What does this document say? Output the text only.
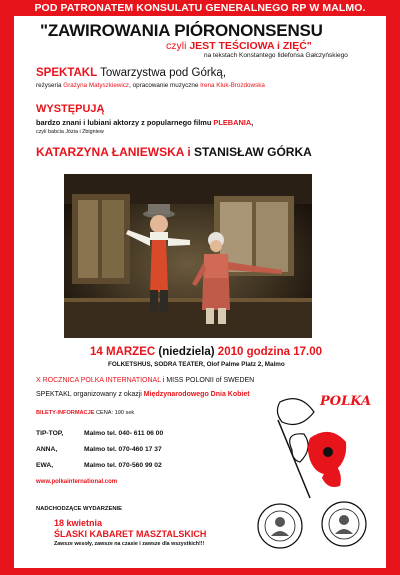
POD PATRONATEM KONSULATU GENERALNEGO RP W MALMO.
"ZAWIROWANIA PIÓRONONSENSU
czyli JEST TEŚCIOWA i ZIĘĆ"
na tekstach Konstantego Ildefonsa Gałczyńskiego
SPEKTAKL Towarzystwa pod Górką,
reżyseria Grażyna Matyszkiewicz, opracowanie muzyczne Irena Kluk-Brozdowska
WYSTĘPUJĄ
bardzo znani i lubiani aktorzy z popularnego filmu PLEBANIA,
czyli babcia Józia i Zbigniew
KATARZYNA ŁANIEWSKA i STANISŁAW GÓRKA
14 MARZEC (niedziela) 2010 godzina 17.00
FOLKETSHUS, SODRA TEATER, Olof Palme Platz 2, Malmo
X ROCZNICA POLKA INTERNATIONAL i MISS POLONII of SWEDEN
SPEKTAKL organizowany z okazji Międzynarodowego Dnia Kobiet
BILETY-INFORMACJE CENA: 190 sek
TIP-TOP,	Malmo tel. 040- 611 06 00
ANNA,	Malmo tel. 070-460 17 37
EWA,	Malmo tel. 070-560 99 02
www.polkainternational.com
NADCHODZĄCE WYDARZENIE
18 kwietnia
ŚLASKI KABARET MASZTALSKICH
Zawsze wesoły, zawsze na czasie i zawsze dla wszystkich!!!
POLKA
